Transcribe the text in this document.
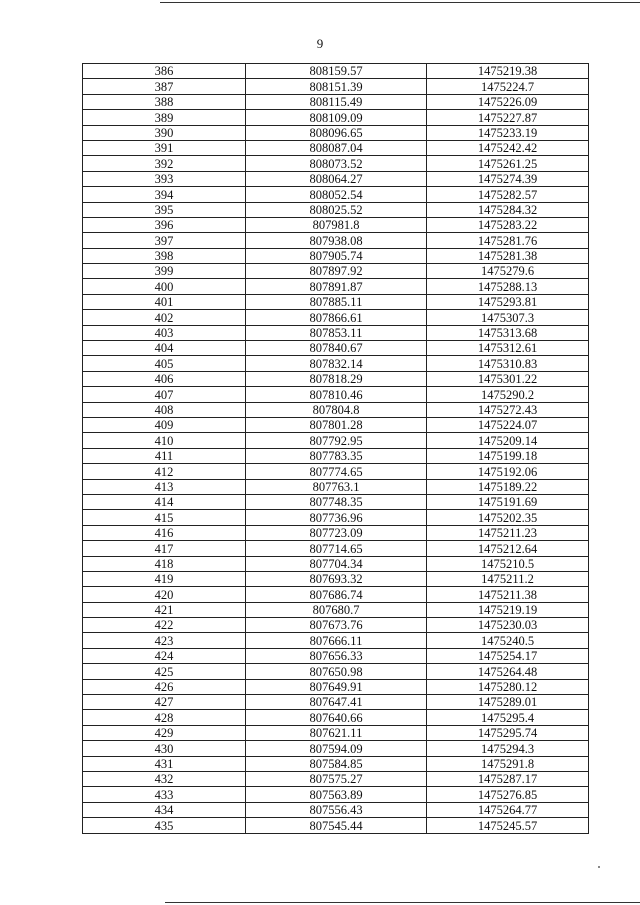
9
386	808159.57	1475219.38
387	808151.39	1475224.7
388	808115.49	1475226.09
389	808109.09	1475227.87
390	808096.65	1475233.19
391	808087.04	1475242.42
392	808073.52	1475261.25
393	808064.27	1475274.39
394	808052.54	1475282.57
395	808025.52	1475284.32
396	807981.8	1475283.22
397	807938.08	1475281.76
398	807905.74	1475281.38
399	807897.92	1475279.6
400	807891.87	1475288.13
401	807885.11	1475293.81
402	807866.61	1475307.3
403	807853.11	1475313.68
404	807840.67	1475312.61
405	807832.14	1475310.83
406	807818.29	1475301.22
407	807810.46	1475290.2
408	807804.8	1475272.43
409	807801.28	1475224.07
410	807792.95	1475209.14
411	807783.35	1475199.18
412	807774.65	1475192.06
413	807763.1	1475189.22
414	807748.35	1475191.69
415	807736.96	1475202.35
416	807723.09	1475211.23
417	807714.65	1475212.64
418	807704.34	1475210.5
419	807693.32	1475211.2
420	807686.74	1475211.38
421	807680.7	1475219.19
422	807673.76	1475230.03
423	807666.11	1475240.5
424	807656.33	1475254.17
425	807650.98	1475264.48
426	807649.91	1475280.12
427	807647.41	1475289.01
428	807640.66	1475295.4
429	807621.11	1475295.74
430	807594.09	1475294.3
431	807584.85	1475291.8
432	807575.27	1475287.17
433	807563.89	1475276.85
434	807556.43	1475264.77
435	807545.44	1475245.57
